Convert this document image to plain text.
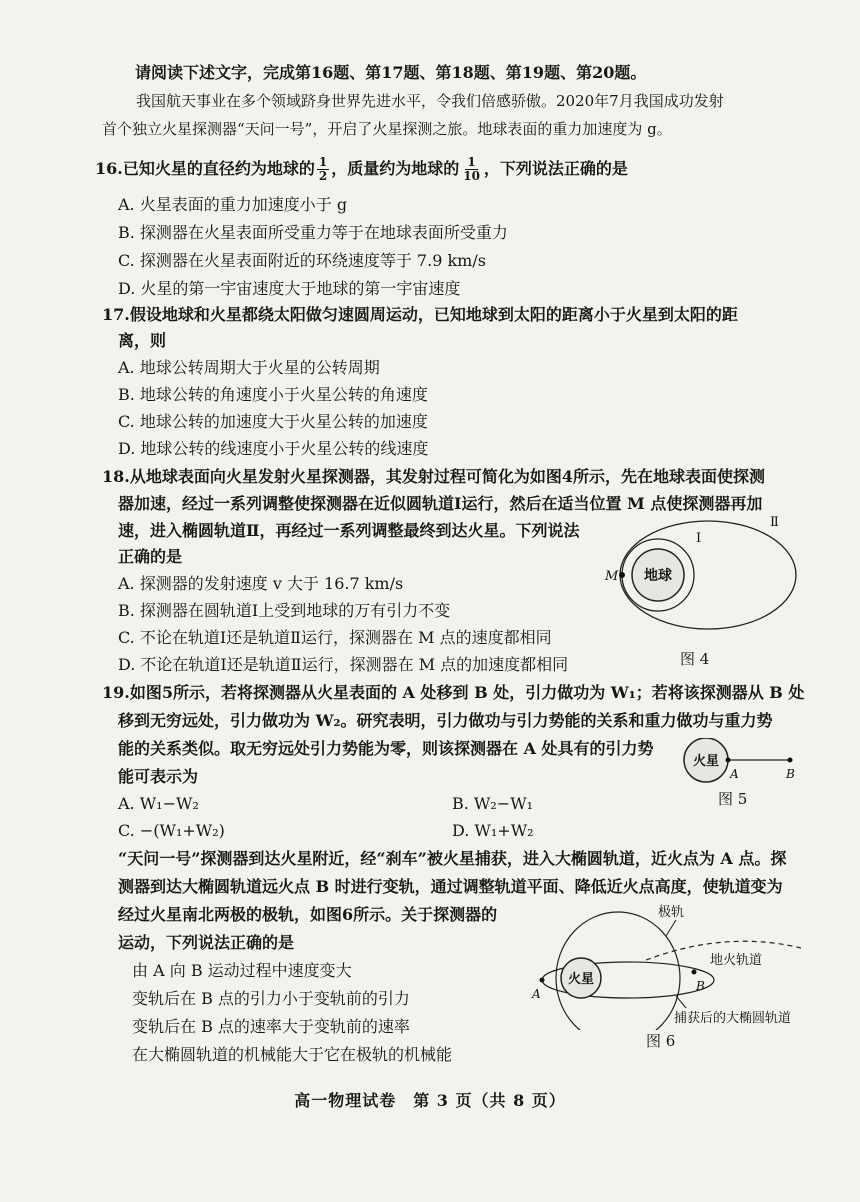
请阅读下述文字，完成第16题、第17题、第18题、第19题、第20题。
我国航天事业在多个领域跻身世界先进水平，令我们倍感骄傲。2020年7月我国成功发射
首个独立火星探测器“天问一号”，开启了火星探测之旅。地球表面的重力加速度为 g。
16.已知火星的直径约为地球的 $\frac{1}{2}$ ，质量约为地球的 $\frac{1}{10}$ ，下列说法正确的是
A. 火星表面的重力加速度小于 g
B. 探测器在火星表面所受重力等于在地球表面所受重力
C. 探测器在火星表面附近的环绕速度等于 7.9 km/s
D. 火星的第一宇宙速度大于地球的第一宇宙速度
17.假设地球和火星都绕太阳做匀速圆周运动，已知地球到太阳的距离小于火星到太阳的距
离，则
A. 地球公转周期大于火星的公转周期
B. 地球公转的角速度小于火星公转的角速度
C. 地球公转的加速度大于火星公转的加速度
D. 地球公转的线速度小于火星公转的线速度
18.从地球表面向火星发射火星探测器，其发射过程可简化为如图4所示，先在地球表面使探测
器加速，经过一系列调整使探测器在近似圆轨道Ⅰ运行，然后在适当位置 M 点使探测器再加
速，进入椭圆轨道Ⅱ，再经过一系列调整最终到达火星。下列说法
正确的是
A. 探测器的发射速度 v 大于 16.7 km/s
B. 探测器在圆轨道Ⅰ上受到地球的万有引力不变
C. 不论在轨道Ⅰ还是轨道Ⅱ运行，探测器在 M 点的速度都相同
D. 不论在轨道Ⅰ还是轨道Ⅱ运行，探测器在 M 点的加速度都相同
地球
M
Ⅰ
Ⅱ
图 4
19.如图5所示，若将探测器从火星表面的 A 处移到 B 处，引力做功为 W₁；若将该探测器从 B 处
移到无穷远处，引力做功为 W₂。研究表明，引力做功与引力势能的关系和重力做功与重力势
能的关系类似。取无穷远处引力势能为零，则该探测器在 A 处具有的引力势
能可表示为
A. W₁−W₂	B. W₂−W₁
C. −(W₁+W₂)	D. W₁+W₂
火星
A	B
图 5
“天问一号”探测器到达火星附近，经“刹车”被火星捕获，进入大椭圆轨道，近火点为 A 点。探
测器到达大椭圆轨道远火点 B 时进行变轨，通过调整轨道平面、降低近火点高度，使轨道变为
经过火星南北两极的极轨，如图6所示。关于探测器的
运动，下列说法正确的是
由 A 向 B 运动过程中速度变大
变轨后在 B 点的引力小于变轨前的引力
变轨后在 B 点的速率大于变轨前的速率
在大椭圆轨道的机械能大于它在极轨的机械能
火星
A
B
极轨
地火轨道
捕获后的大椭圆轨道
图 6
高一物理试卷　第 3 页（共 8 页）
